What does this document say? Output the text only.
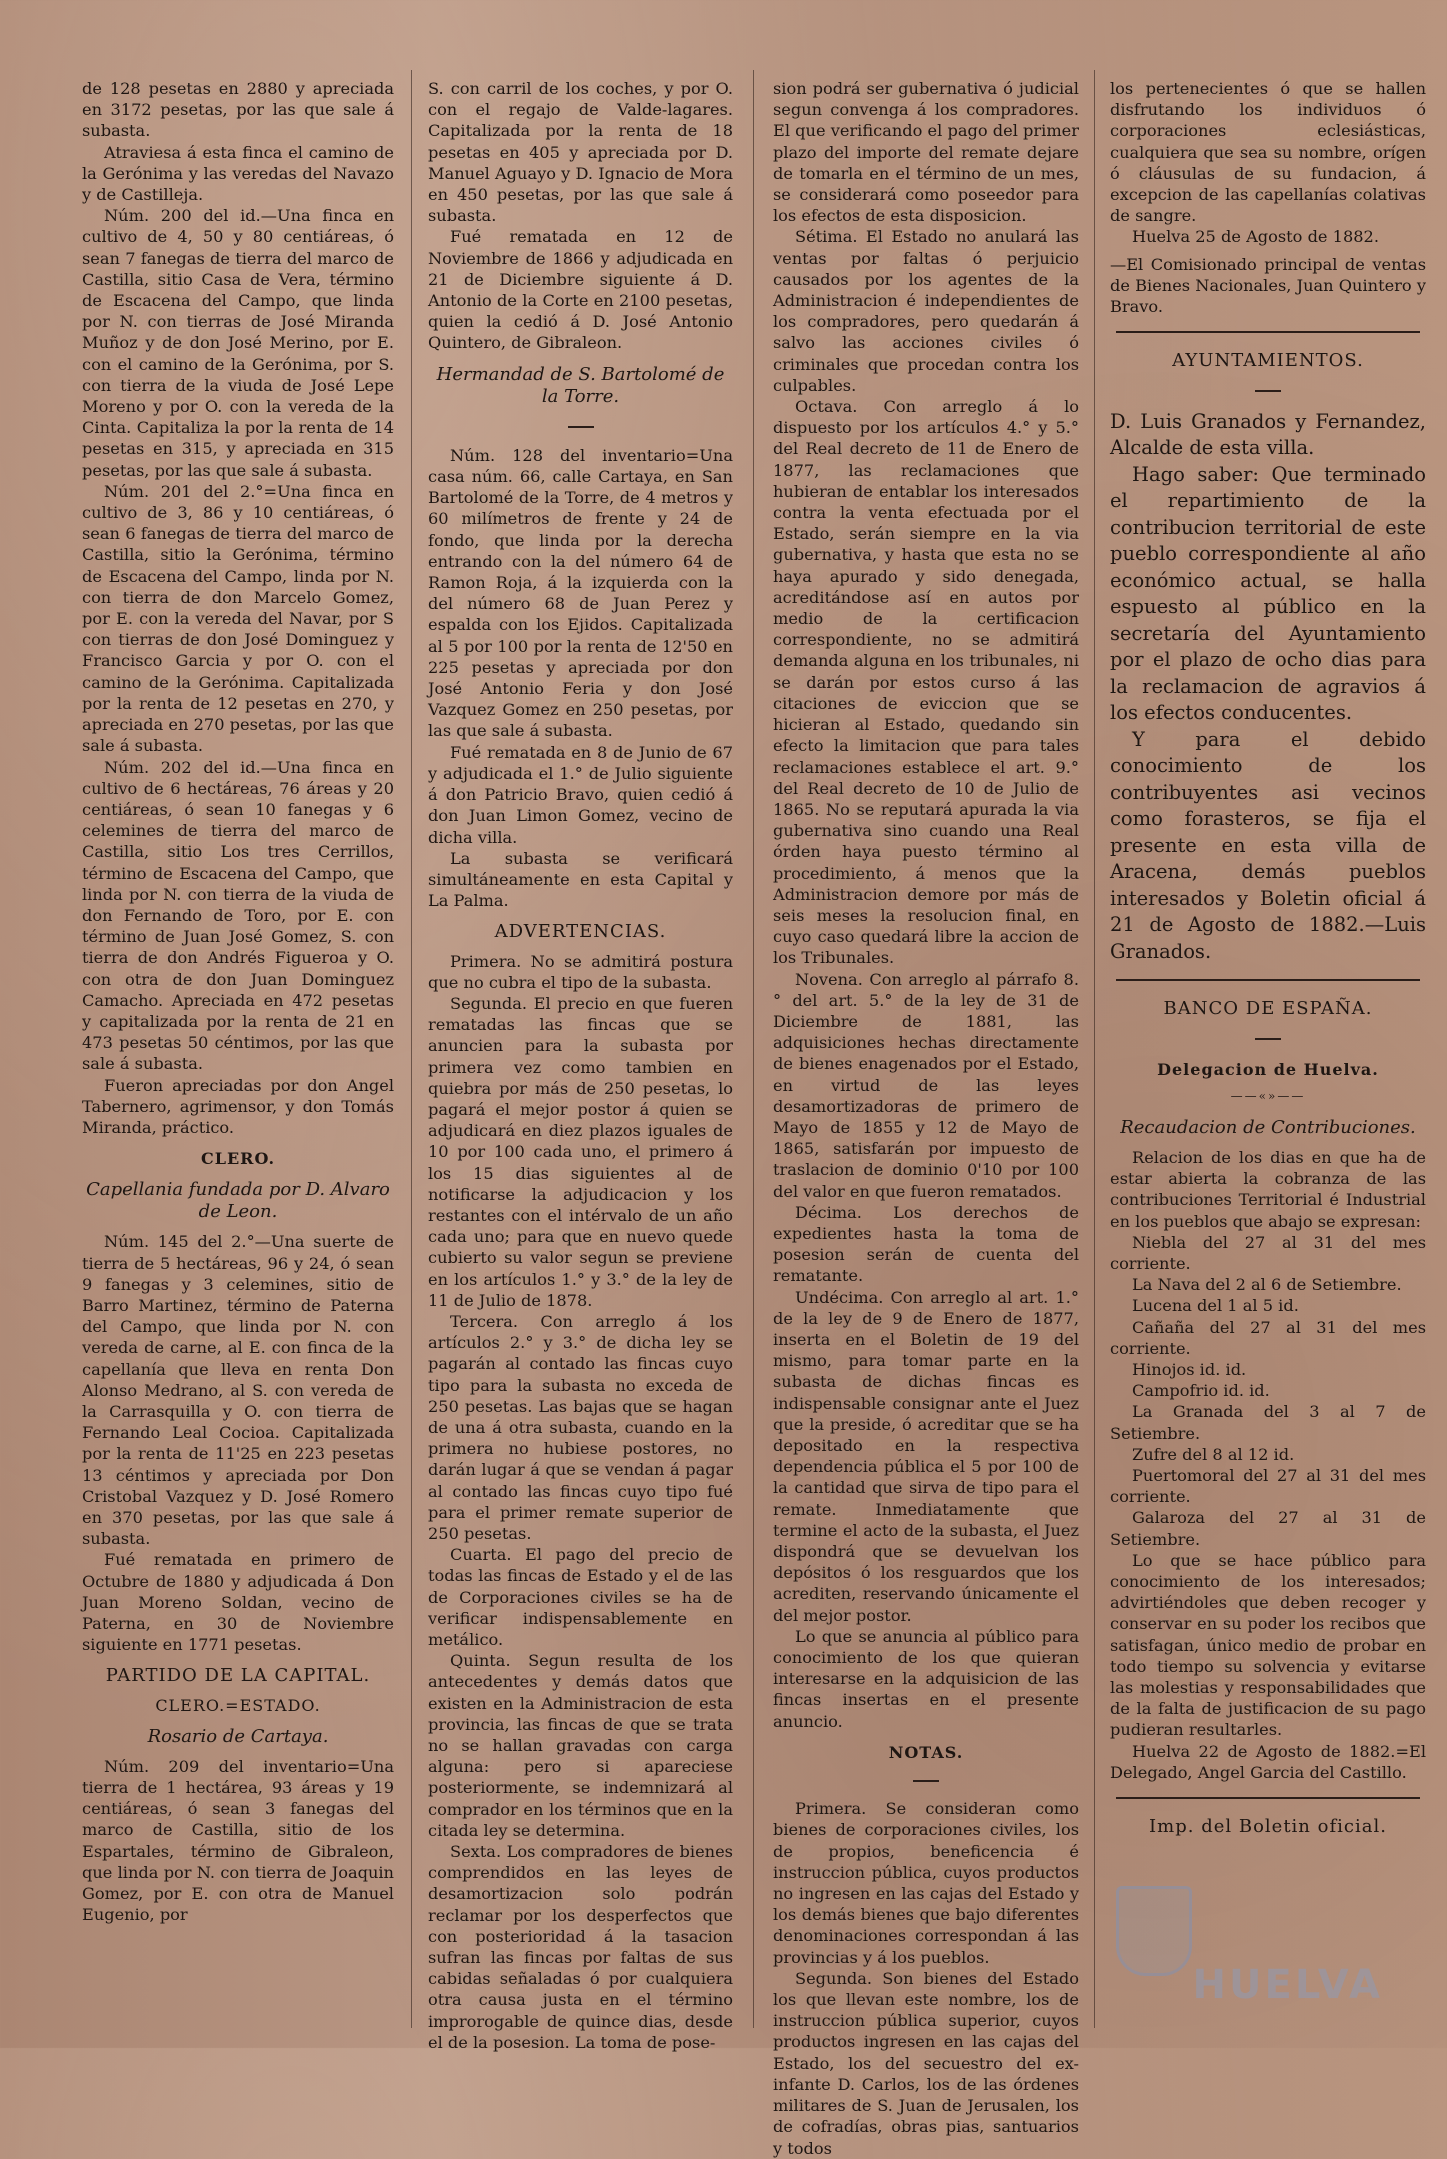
de 128 pesetas en 2880 y apreciada en 3172 pesetas, por las que sale á subasta.

Atraviesa á esta finca el camino de la Gerónima y las veredas del Navazo y de Castilleja.

Núm. 200 del id.—Una finca en cultivo de 4, 50 y 80 centiáreas, ó sean 7 fanegas de tierra del marco de Castilla, sitio Casa de Vera, término de Escacena del Campo, que linda por N. con tierras de José Miranda Muñoz y de don José Merino, por E. con el camino de la Gerónima, por S. con tierra de la viuda de José Lepe Moreno y por O. con la vereda de la Cinta. Capitaliza la por la renta de 14 pesetas en 315, y apreciada en 315 pesetas, por las que sale á subasta.

Núm. 201 del 2.°=Una finca en cultivo de 3, 86 y 10 centiáreas, ó sean 6 fanegas de tierra del marco de Castilla, sitio la Gerónima, término de Escacena del Campo, linda por N. con tierra de don Marcelo Gomez, por E. con la vereda del Navar, por S con tierras de don José Dominguez y Francisco Garcia y por O. con el camino de la Gerónima. Capitalizada por la renta de 12 pesetas en 270, y apreciada en 270 pesetas, por las que sale á subasta.

Núm. 202 del id.—Una finca en cultivo de 6 hectáreas, 76 áreas y 20 centiáreas, ó sean 10 fanegas y 6 celemines de tierra del marco de Castilla, sitio Los tres Cerrillos, término de Escacena del Campo, que linda por N. con tierra de la viuda de don Fernando de Toro, por E. con término de Juan José Gomez, S. con tierra de don Andrés Figueroa y O. con otra de don Juan Dominguez Camacho. Apreciada en 472 pesetas y capitalizada por la renta de 21 en 473 pesetas 50 céntimos, por las que sale á subasta.

Fueron apreciadas por don Angel Tabernero, agrimensor, y don Tomás Miranda, práctico.

CLERO.
Capellania fundada por D. Alvaro de Leon.

Núm. 145 del 2.°—Una suerte de tierra de 5 hectáreas, 96 y 24, ó sean 9 fanegas y 3 celemines, sitio de Barro Martinez, término de Paterna del Campo, que linda por N. con vereda de carne, al E. con finca de la capellanía que lleva en renta Don Alonso Medrano, al S. con vereda de la Carrasquilla y O. con tierra de Fernando Leal Cocioa. Capitalizada por la renta de 11'25 en 223 pesetas 13 céntimos y apreciada por Don Cristobal Vazquez y D. José Romero en 370 pesetas, por las que sale á subasta.

Fué rematada en primero de Octubre de 1880 y adjudicada á Don Juan Moreno Soldan, vecino de Paterna, en 30 de Noviembre siguiente en 1771 pesetas.

PARTIDO DE LA CAPITAL.
CLERO.=ESTADO.
Rosario de Cartaya.

Núm. 209 del inventario=Una tierra de 1 hectárea, 93 áreas y 19 centiáreas, ó sean 3 fanegas del marco de Castilla, sitio de los Espartales, término de Gibraleon, que linda por N. con tierra de Joaquin Gomez, por E. con otra de Manuel Eugenio, por

S. con carril de los coches, y por O. con el regajo de Valde-lagares. Capitalizada por la renta de 18 pesetas en 405 y apreciada por D. Manuel Aguayo y D. Ignacio de Mora en 450 pesetas, por las que sale á subasta.

Fué rematada en 12 de Noviembre de 1866 y adjudicada en 21 de Diciembre siguiente á D. Antonio de la Corte en 2100 pesetas, quien la cedió á D. José Antonio Quintero, de Gibraleon.

Hermandad de S. Bartolomé de la Torre.

Núm. 128 del inventario=Una casa núm. 66, calle Cartaya, en San Bartolomé de la Torre, de 4 metros y 60 milímetros de frente y 24 de fondo, que linda por la derecha entrando con la del número 64 de Ramon Roja, á la izquierda con la del número 68 de Juan Perez y espalda con los Ejidos. Capitalizada al 5 por 100 por la renta de 12'50 en 225 pesetas y apreciada por don José Antonio Feria y don José Vazquez Gomez en 250 pesetas, por las que sale á subasta.

Fué rematada en 8 de Junio de 67 y adjudicada el 1.° de Julio siguiente á don Patricio Bravo, quien cedió á don Juan Limon Gomez, vecino de dicha villa.

La subasta se verificará simultáneamente en esta Capital y La Palma.

ADVERTENCIAS.

Primera. No se admitirá postura que no cubra el tipo de la subasta.

Segunda. El precio en que fueren rematadas las fincas que se anuncien para la subasta por primera vez como tambien en quiebra por más de 250 pesetas, lo pagará el mejor postor á quien se adjudicará en diez plazos iguales de 10 por 100 cada uno, el primero á los 15 dias siguientes al de notificarse la adjudicacion y los restantes con el intérvalo de un año cada uno; para que en nuevo quede cubierto su valor segun se previene en los artículos 1.° y 3.° de la ley de 11 de Julio de 1878.

Tercera. Con arreglo á los artículos 2.° y 3.° de dicha ley se pagarán al contado las fincas cuyo tipo para la subasta no exceda de 250 pesetas. Las bajas que se hagan de una á otra subasta, cuando en la primera no hubiese postores, no darán lugar á que se vendan á pagar al contado las fincas cuyo tipo fué para el primer remate superior de 250 pesetas.

Cuarta. El pago del precio de todas las fincas de Estado y el de las de Corporaciones civiles se ha de verificar indispensablemente en metálico.

Quinta. Segun resulta de los antecedentes y demás datos que existen en la Administracion de esta provincia, las fincas de que se trata no se hallan gravadas con carga alguna: pero si apareciese posteriormente, se indemnizará al comprador en los términos que en la citada ley se determina.

Sexta. Los compradores de bienes comprendidos en las leyes de desamortizacion solo podrán reclamar por los desperfectos que con posterioridad á la tasacion sufran las fincas por faltas de sus cabidas señaladas ó por cualquiera otra causa justa en el término improrogable de quince dias, desde el de la posesion. La toma de pose-

sion podrá ser gubernativa ó judicial segun convenga á los compradores. El que verificando el pago del primer plazo del importe del remate dejare de tomarla en el término de un mes, se considerará como poseedor para los efectos de esta disposicion.

Sétima. El Estado no anulará las ventas por faltas ó perjuicio causados por los agentes de la Administracion é independientes de los compradores, pero quedarán á salvo las acciones civiles ó criminales que procedan contra los culpables.

Octava. Con arreglo á lo dispuesto por los artículos 4.° y 5.° del Real decreto de 11 de Enero de 1877, las reclamaciones que hubieran de entablar los interesados contra la venta efectuada por el Estado, serán siempre en la via gubernativa, y hasta que esta no se haya apurado y sido denegada, acreditándose así en autos por medio de la certificacion correspondiente, no se admitirá demanda alguna en los tribunales, ni se darán por estos curso á las citaciones de eviccion que se hicieran al Estado, quedando sin efecto la limitacion que para tales reclamaciones establece el art. 9.° del Real decreto de 10 de Julio de 1865. No se reputará apurada la via gubernativa sino cuando una Real órden haya puesto término al procedimiento, á menos que la Administracion demore por más de seis meses la resolucion final, en cuyo caso quedará libre la accion de los Tribunales.

Novena. Con arreglo al párrafo 8.° del art. 5.° de la ley de 31 de Diciembre de 1881, las adquisiciones hechas directamente de bienes enagenados por el Estado, en virtud de las leyes desamortizadoras de primero de Mayo de 1855 y 12 de Mayo de 1865, satisfarán por impuesto de traslacion de dominio 0'10 por 100 del valor en que fueron rematados.

Décima. Los derechos de expedientes hasta la toma de posesion serán de cuenta del rematante.

Undécima. Con arreglo al art. 1.° de la ley de 9 de Enero de 1877, inserta en el Boletin de 19 del mismo, para tomar parte en la subasta de dichas fincas es indispensable consignar ante el Juez que la preside, ó acreditar que se ha depositado en la respectiva dependencia pública el 5 por 100 de la cantidad que sirva de tipo para el remate. Inmediatamente que termine el acto de la subasta, el Juez dispondrá que se devuelvan los depósitos ó los resguardos que los acrediten, reservando únicamente el del mejor postor.

Lo que se anuncia al público para conocimiento de los que quieran interesarse en la adquisicion de las fincas insertas en el presente anuncio.

NOTAS.

Primera. Se consideran como bienes de corporaciones civiles, los de propios, beneficencia é instruccion pública, cuyos productos no ingresen en las cajas del Estado y los demás bienes que bajo diferentes denominaciones correspondan á las provincias y á los pueblos.

Segunda. Son bienes del Estado los que llevan este nombre, los de instruccion pública superior, cuyos productos ingresen en las cajas del Estado, los del secuestro del ex-infante D. Carlos, los de las órdenes militares de S. Juan de Jerusalen, los de cofradías, obras pias, santuarios y todos

los pertenecientes ó que se hallen disfrutando los individuos ó corporaciones eclesiásticas, cualquiera que sea su nombre, orígen ó cláusulas de su fundacion, á excepcion de las capellanías colativas de sangre.

Huelva 25 de Agosto de 1882.

—El Comisionado principal de ventas de Bienes Nacionales, Juan Quintero y Bravo.

AYUNTAMIENTOS.

D. Luis Granados y Fernandez, Alcalde de esta villa.

Hago saber: Que terminado el repartimiento de la contribucion territorial de este pueblo correspondiente al año económico actual, se halla espuesto al público en la secretaría del Ayuntamiento por el plazo de ocho dias para la reclamacion de agravios á los efectos conducentes.

Y para el debido conocimiento de los contribuyentes asi vecinos como forasteros, se fija el presente en esta villa de Aracena, demás pueblos interesados y Boletin oficial á 21 de Agosto de 1882.—Luis Granados.

BANCO DE ESPAÑA.
Delegacion de Huelva.
——«»——
Recaudacion de Contribuciones.

Relacion de los dias en que ha de estar abierta la cobranza de las contribuciones Territorial é Industrial en los pueblos que abajo se expresan:

Niebla del 27 al 31 del mes corriente.

La Nava del 2 al 6 de Setiembre.

Lucena del 1 al 5 id.

Cañaña del 27 al 31 del mes corriente.

Hinojos id. id.

Campofrio id. id.

La Granada del 3 al 7 de Setiembre.

Zufre del 8 al 12 id.

Puertomoral del 27 al 31 del mes corriente.

Galaroza del 27 al 31 de Setiembre.

Lo que se hace público para conocimiento de los interesados; advirtiéndoles que deben recoger y conservar en su poder los recibos que satisfagan, único medio de probar en todo tiempo su solvencia y evitarse las molestias y responsabilidades que de la falta de justificacion de su pago pudieran resultarles.

Huelva 22 de Agosto de 1882.=El Delegado, Angel Garcia del Castillo.

Imp. del Boletin oficial.
HUELVA
